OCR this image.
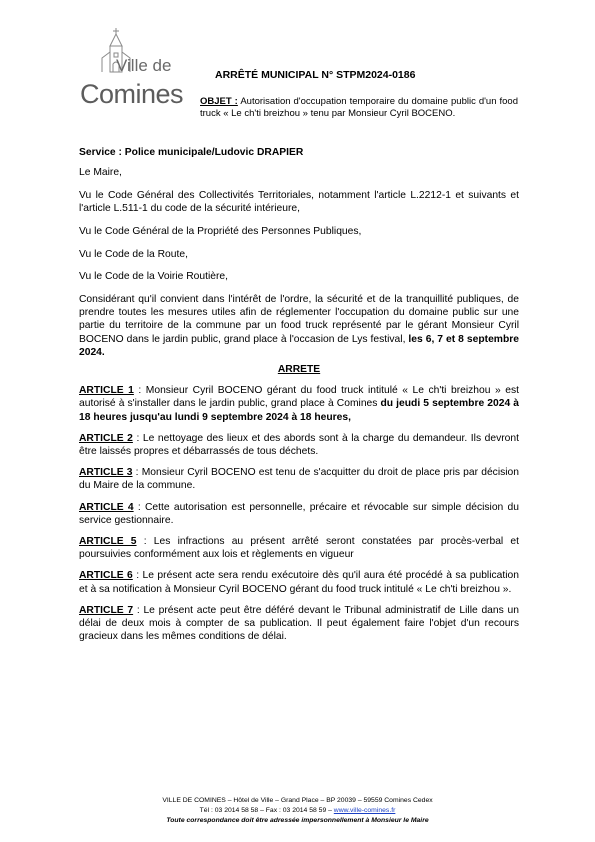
Ville de
Comines
ARRÊTÉ MUNICIPAL N° STPM2024-0186
OBJET : Autorisation d'occupation temporaire du domaine public d'un food truck « Le ch'ti breizhou » tenu par Monsieur Cyril BOCENO.

Service : Police municipale/Ludovic DRAPIER

Le Maire,

Vu le Code Général des Collectivités Territoriales, notamment l'article L.2212-1 et suivants et l'article L.511-1 du code de la sécurité intérieure,

Vu le Code Général de la Propriété des Personnes Publiques,

Vu le Code de la Route,

Vu le Code de la Voirie Routière,

Considérant qu'il convient dans l'intérêt de l'ordre, la sécurité et de la tranquillité publiques, de prendre toutes les mesures utiles afin de réglementer l'occupation du domaine public sur une partie du territoire de la commune par un food truck représenté par le gérant Monsieur Cyril BOCENO dans le jardin public, grand place à l'occasion de Lys festival, les 6, 7 et 8 septembre 2024.

ARRETE

ARTICLE 1 : Monsieur Cyril BOCENO gérant du food truck intitulé « Le ch'ti breizhou » est autorisé à s'installer dans le jardin public, grand place à Comines du jeudi 5 septembre 2024 à 18 heures jusqu'au lundi 9 septembre 2024 à 18 heures,

ARTICLE 2 : Le nettoyage des lieux et des abords sont à la charge du demandeur. Ils devront être laissés propres et débarrassés de tous déchets.

ARTICLE 3 : Monsieur Cyril BOCENO est tenu de s'acquitter du droit de place pris par décision du Maire de la commune.

ARTICLE 4 : Cette autorisation est personnelle, précaire et révocable sur simple décision du service gestionnaire.

ARTICLE 5 : Les infractions au présent arrêté seront constatées par procès-verbal et poursuivies conformément aux lois et règlements en vigueur

ARTICLE 6 : Le présent acte sera rendu exécutoire dès qu'il aura été procédé à sa publication et à sa notification à Monsieur Cyril BOCENO gérant du food truck intitulé « Le ch'ti breizhou ».

ARTICLE 7 : Le présent acte peut être déféré devant le Tribunal administratif de Lille dans un délai de deux mois à compter de sa publication. Il peut également faire l'objet d'un recours gracieux dans les mêmes conditions de délai.

VILLE DE COMINES – Hôtel de Ville – Grand Place – BP 20039 – 59559 Comines Cedex
Tél : 03 2014 58 58 – Fax : 03 2014 58 59 – www.ville-comines.fr
Toute correspondance doit être adressée impersonnellement à Monsieur le Maire
